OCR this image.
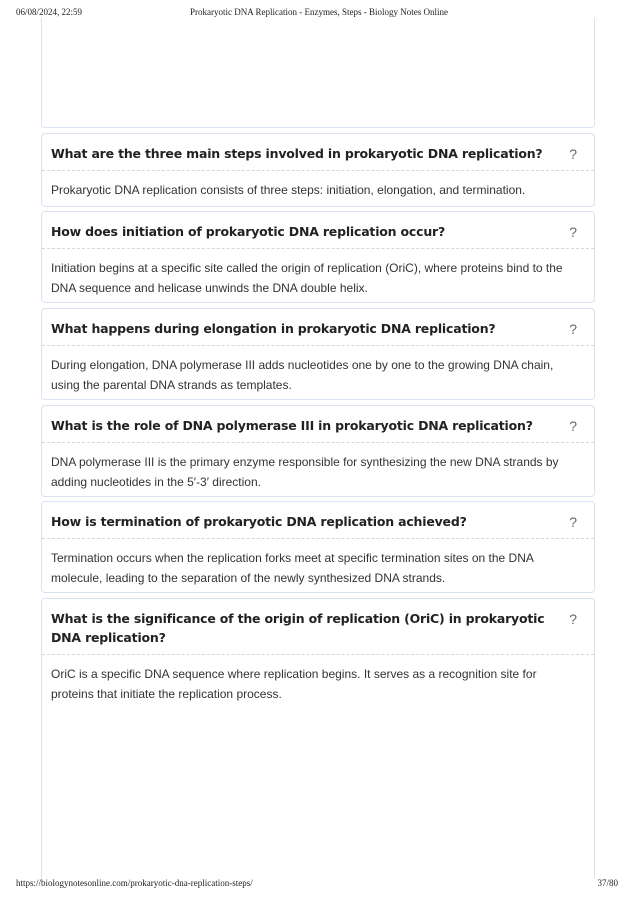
06/08/2024, 22:59	Prokaryotic DNA Replication - Enzymes, Steps - Biology Notes Online
What are the three main steps involved in prokaryotic DNA replication?	?
Prokaryotic DNA replication consists of three steps: initiation, elongation, and termination.
How does initiation of prokaryotic DNA replication occur?	?
Initiation begins at a specific site called the origin of replication (OriC), where proteins bind to the DNA sequence and helicase unwinds the DNA double helix.
What happens during elongation in prokaryotic DNA replication?	?
During elongation, DNA polymerase III adds nucleotides one by one to the growing DNA chain, using the parental DNA strands as templates.
What is the role of DNA polymerase III in prokaryotic DNA replication?	?
DNA polymerase III is the primary enzyme responsible for synthesizing the new DNA strands by adding nucleotides in the 5′-3′ direction.
How is termination of prokaryotic DNA replication achieved?	?
Termination occurs when the replication forks meet at specific termination sites on the DNA molecule, leading to the separation of the newly synthesized DNA strands.
What is the significance of the origin of replication (OriC) in prokaryotic DNA replication?
?
OriC is a specific DNA sequence where replication begins. It serves as a recognition site for proteins that initiate the replication process.
https://biologynotesonline.com/prokaryotic-dna-replication-steps/	37/80
